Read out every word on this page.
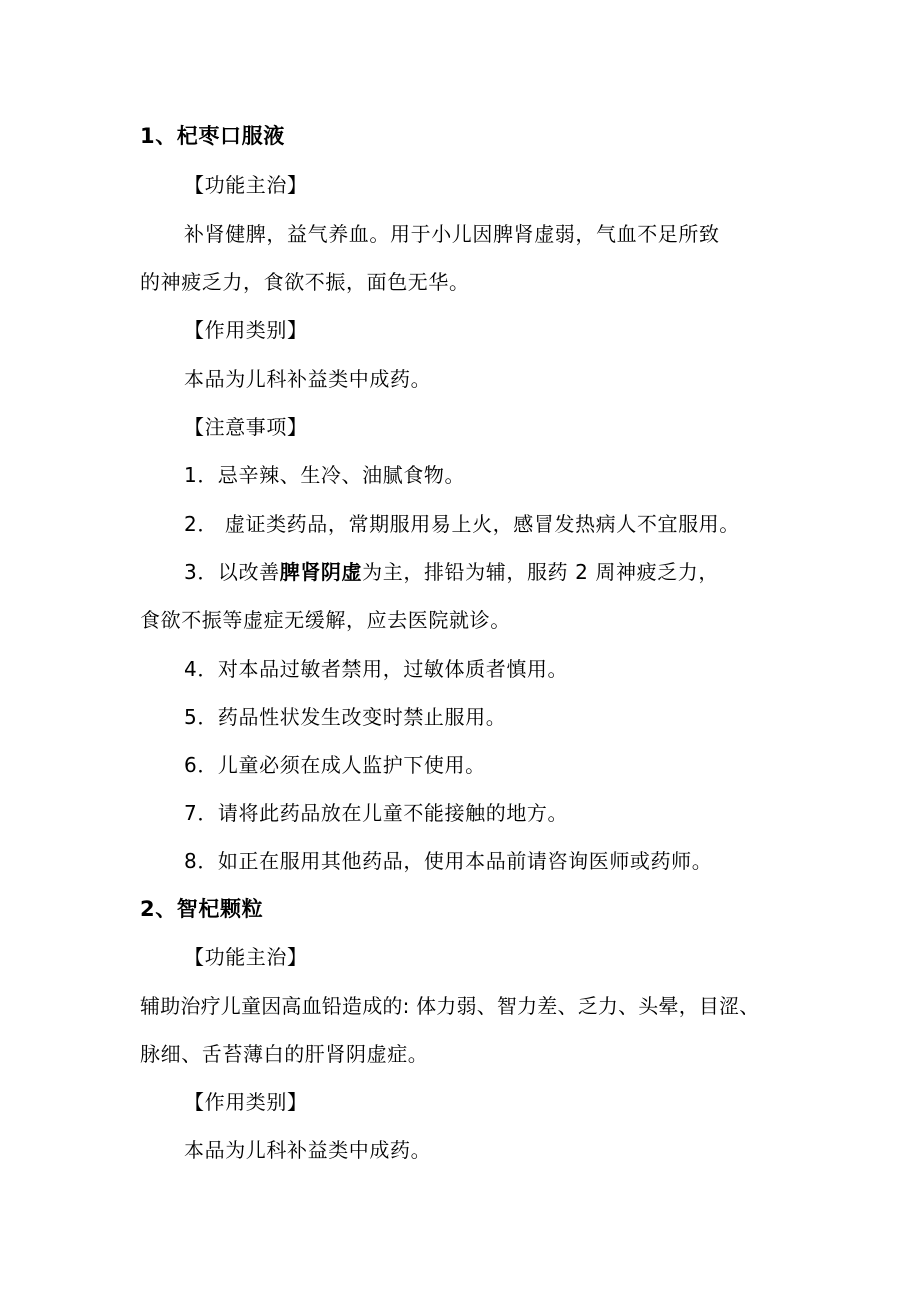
1、杞枣口服液
【功能主治】
补肾健脾，益气养血。用于小儿因脾肾虚弱，气血不足所致
的神疲乏力，食欲不振，面色无华。
【作用类别】
本品为儿科补益类中成药。
【注意事项】
1．忌辛辣、生冷、油腻食物。
2． 虚证类药品，常期服用易上火，感冒发热病人不宜服用。
3．以改善脾肾阴虚为主，排铅为辅，服药 2 周神疲乏力，
食欲不振等虚症无缓解，应去医院就诊。
4．对本品过敏者禁用，过敏体质者慎用。
5．药品性状发生改变时禁止服用。
6．儿童必须在成人监护下使用。
7．请将此药品放在儿童不能接触的地方。
8．如正在服用其他药品，使用本品前请咨询医师或药师。
2、智杞颗粒
【功能主治】
辅助治疗儿童因高血铅造成的: 体力弱、智力差、乏力、头晕，目涩、
脉细、舌苔薄白的肝肾阴虚症。
【作用类别】
本品为儿科补益类中成药。
